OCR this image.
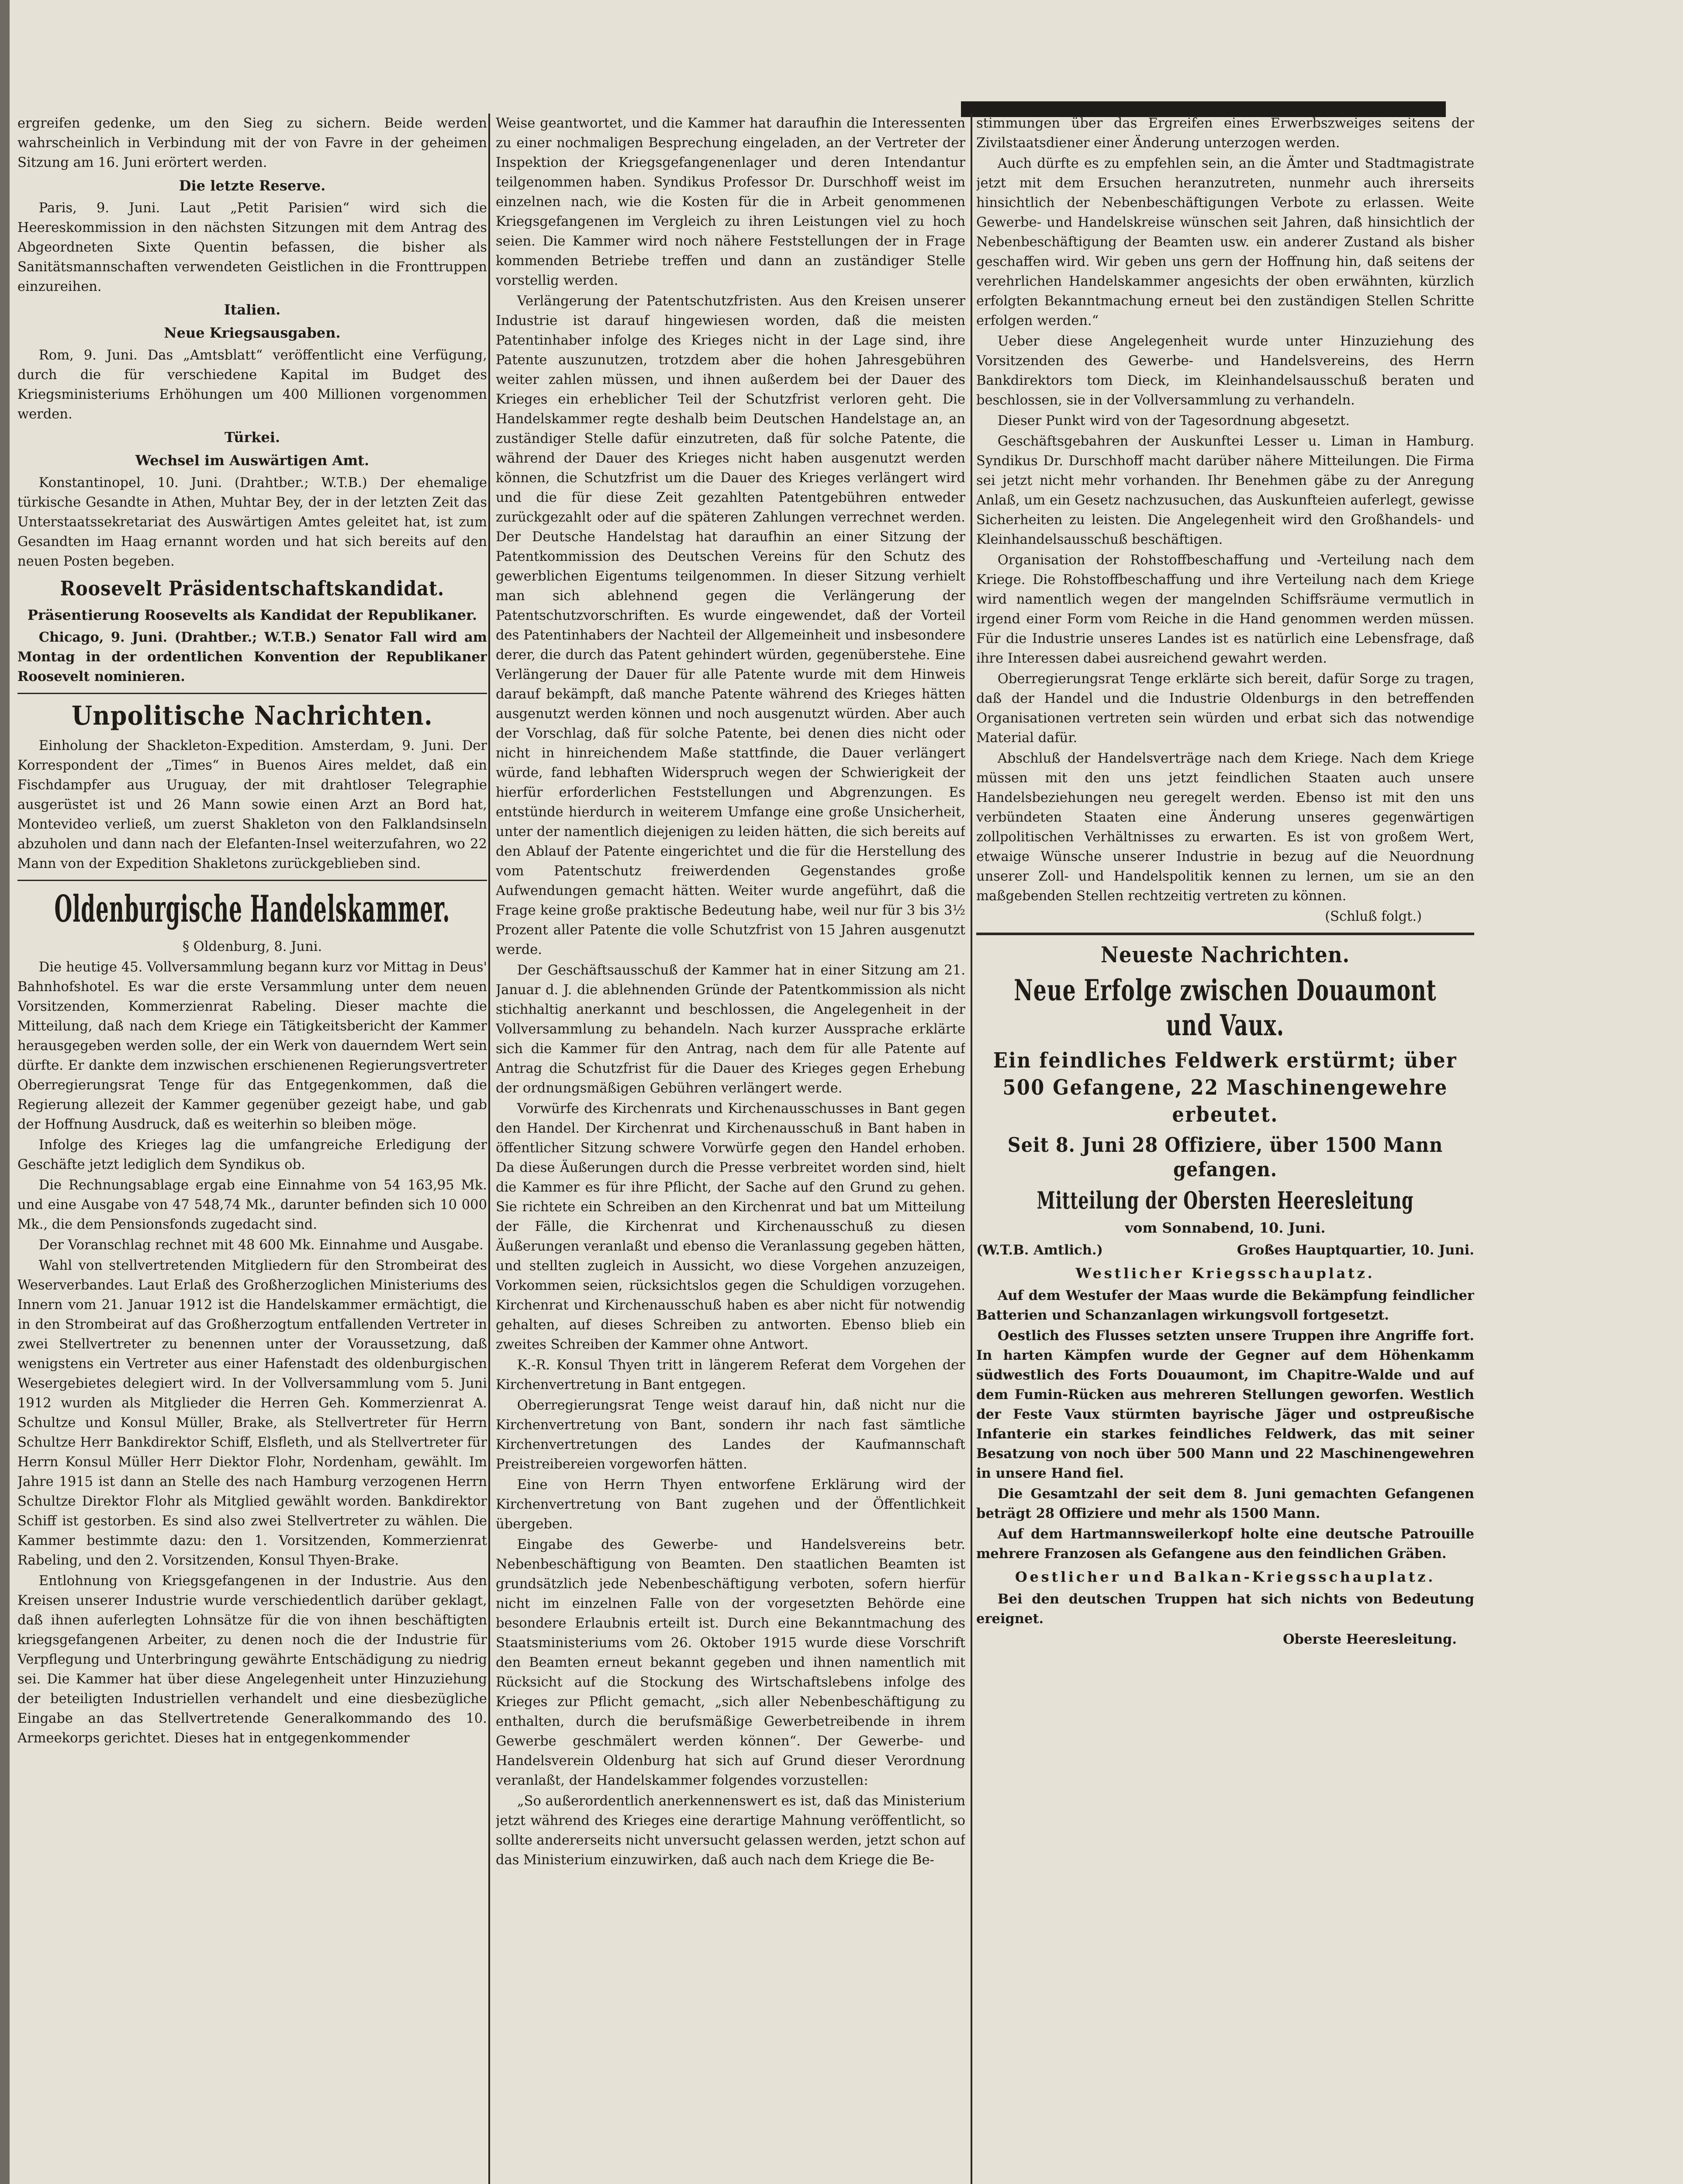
ergreifen gedenke, um den Sieg zu sichern. Beide werden wahrscheinlich in Verbindung mit der von Favre in der geheimen Sitzung am 16. Juni erörtert werden.

Die letzte Reserve.

Paris, 9. Juni. Laut „Petit Parisien“ wird sich die Heereskommission in den nächsten Sitzungen mit dem Antrag des Abgeordneten Sixte Quentin befassen, die bisher als Sanitätsmannschaften verwendeten Geistlichen in die Fronttruppen einzureihen.

Italien.
Neue Kriegsausgaben.

Rom, 9. Juni. Das „Amtsblatt“ veröffentlicht eine Verfügung, durch die für verschiedene Kapital im Budget des Kriegsministeriums Erhöhungen um 400 Millionen vorgenommen werden.

Türkei.
Wechsel im Auswärtigen Amt.

Konstantinopel, 10. Juni. (Drahtber.; W.T.B.) Der ehemalige türkische Gesandte in Athen, Muhtar Bey, der in der letzten Zeit das Unterstaatssekretariat des Auswärtigen Amtes geleitet hat, ist zum Gesandten im Haag ernannt worden und hat sich bereits auf den neuen Posten begeben.

Roosevelt Präsidentschaftskandidat.
Präsentierung Roosevelts als Kandidat der Republikaner.

Chicago, 9. Juni. (Drahtber.; W.T.B.) Senator Fall wird am Montag in der ordentlichen Konvention der Republikaner Roosevelt nominieren.

Unpolitische Nachrichten.

Einholung der Shackleton-Expedition. Amsterdam, 9. Juni. Der Korrespondent der „Times“ in Buenos Aires meldet, daß ein Fischdampfer aus Uruguay, der mit drahtloser Telegraphie ausgerüstet ist und 26 Mann sowie einen Arzt an Bord hat, Montevideo verließ, um zuerst Shakleton von den Falklandsinseln abzuholen und dann nach der Elefanten-Insel weiterzufahren, wo 22 Mann von der Expedition Shakletons zurückgeblieben sind.

Oldenburgische Handelskammer.

§ Oldenburg, 8. Juni.

Die heutige 45. Vollversammlung begann kurz vor Mittag in Deus' Bahnhofshotel. Es war die erste Versammlung unter dem neuen Vorsitzenden, Kommerzienrat Rabeling. Dieser machte die Mitteilung, daß nach dem Kriege ein Tätigkeitsbericht der Kammer herausgegeben werden solle, der ein Werk von dauerndem Wert sein dürfte. Er dankte dem inzwischen erschienenen Regierungsvertreter Oberregierungsrat Tenge für das Entgegenkommen, daß die Regierung allezeit der Kammer gegenüber gezeigt habe, und gab der Hoffnung Ausdruck, daß es weiterhin so bleiben möge.

Infolge des Krieges lag die umfangreiche Erledigung der Geschäfte jetzt lediglich dem Syndikus ob.

Die Rechnungsablage ergab eine Einnahme von 54 163,95 Mk. und eine Ausgabe von 47 548,74 Mk., darunter befinden sich 10 000 Mk., die dem Pensionsfonds zugedacht sind.

Der Voranschlag rechnet mit 48 600 Mk. Einnahme und Ausgabe.

Wahl von stellvertretenden Mitgliedern für den Strombeirat des Weserverbandes. Laut Erlaß des Großherzoglichen Ministeriums des Innern vom 21. Januar 1912 ist die Handelskammer ermächtigt, die in den Strombeirat auf das Großherzogtum entfallenden Vertreter in zwei Stellvertreter zu benennen unter der Voraussetzung, daß wenigstens ein Vertreter aus einer Hafenstadt des oldenburgischen Wesergebietes delegiert wird. In der Vollversammlung vom 5. Juni 1912 wurden als Mitglieder die Herren Geh. Kommerzienrat A. Schultze und Konsul Müller, Brake, als Stellvertreter für Herrn Schultze Herr Bankdirektor Schiff, Elsfleth, und als Stellvertreter für Herrn Konsul Müller Herr Diektor Flohr, Nordenham, gewählt. Im Jahre 1915 ist dann an Stelle des nach Hamburg verzogenen Herrn Schultze Direktor Flohr als Mitglied gewählt worden. Bankdirektor Schiff ist gestorben. Es sind also zwei Stellvertreter zu wählen. Die Kammer bestimmte dazu: den 1. Vorsitzenden, Kommerzienrat Rabeling, und den 2. Vorsitzenden, Konsul Thyen-Brake.

Entlohnung von Kriegsgefangenen in der Industrie. Aus den Kreisen unserer Industrie wurde verschiedentlich darüber geklagt, daß ihnen auferlegten Lohnsätze für die von ihnen beschäftigten kriegsgefangenen Arbeiter, zu denen noch die der Industrie für Verpflegung und Unterbringung gewährte Entschädigung zu niedrig sei. Die Kammer hat über diese Angelegenheit unter Hinzuziehung der beteiligten Industriellen verhandelt und eine diesbezügliche Eingabe an das Stellvertretende Generalkommando des 10. Armeekorps gerichtet. Dieses hat in entgegenkommender

Weise geantwortet, und die Kammer hat daraufhin die Interessenten zu einer nochmaligen Besprechung eingeladen, an der Vertreter der Inspektion der Kriegsgefangenenlager und deren Intendantur teilgenommen haben. Syndikus Professor Dr. Durschhoff weist im einzelnen nach, wie die Kosten für die in Arbeit genommenen Kriegsgefangenen im Vergleich zu ihren Leistungen viel zu hoch seien. Die Kammer wird noch nähere Feststellungen der in Frage kommenden Betriebe treffen und dann an zuständiger Stelle vorstellig werden.

Verlängerung der Patentschutzfristen. Aus den Kreisen unserer Industrie ist darauf hingewiesen worden, daß die meisten Patentinhaber infolge des Krieges nicht in der Lage sind, ihre Patente auszunutzen, trotzdem aber die hohen Jahresgebühren weiter zahlen müssen, und ihnen außerdem bei der Dauer des Krieges ein erheblicher Teil der Schutzfrist verloren geht. Die Handelskammer regte deshalb beim Deutschen Handelstage an, an zuständiger Stelle dafür einzutreten, daß für solche Patente, die während der Dauer des Krieges nicht haben ausgenutzt werden können, die Schutzfrist um die Dauer des Krieges verlängert wird und die für diese Zeit gezahlten Patentgebühren entweder zurückgezahlt oder auf die späteren Zahlungen verrechnet werden. Der Deutsche Handelstag hat daraufhin an einer Sitzung der Patentkommission des Deutschen Vereins für den Schutz des gewerblichen Eigentums teilgenommen. In dieser Sitzung verhielt man sich ablehnend gegen die Verlängerung der Patentschutzvorschriften. Es wurde eingewendet, daß der Vorteil des Patentinhabers der Nachteil der Allgemeinheit und insbesondere derer, die durch das Patent gehindert würden, gegenüberstehe. Eine Verlängerung der Dauer für alle Patente wurde mit dem Hinweis darauf bekämpft, daß manche Patente während des Krieges hätten ausgenutzt werden können und noch ausgenutzt würden. Aber auch der Vorschlag, daß für solche Patente, bei denen dies nicht oder nicht in hinreichendem Maße stattfinde, die Dauer verlängert würde, fand lebhaften Widerspruch wegen der Schwierigkeit der hierfür erforderlichen Feststellungen und Abgrenzungen. Es entstünde hierdurch in weiterem Umfange eine große Unsicherheit, unter der namentlich diejenigen zu leiden hätten, die sich bereits auf den Ablauf der Patente eingerichtet und die für die Herstellung des vom Patentschutz freiwerdenden Gegenstandes große Aufwendungen gemacht hätten. Weiter wurde angeführt, daß die Frage keine große praktische Bedeutung habe, weil nur für 3 bis 3½ Prozent aller Patente die volle Schutzfrist von 15 Jahren ausgenutzt werde.

Der Geschäftsausschuß der Kammer hat in einer Sitzung am 21. Januar d. J. die ablehnenden Gründe der Patentkommission als nicht stichhaltig anerkannt und beschlossen, die Angelegenheit in der Vollversammlung zu behandeln. Nach kurzer Aussprache erklärte sich die Kammer für den Antrag, nach dem für alle Patente auf Antrag die Schutzfrist für die Dauer des Krieges gegen Erhebung der ordnungsmäßigen Gebühren verlängert werde.

Vorwürfe des Kirchenrats und Kirchenausschusses in Bant gegen den Handel. Der Kirchenrat und Kirchenausschuß in Bant haben in öffentlicher Sitzung schwere Vorwürfe gegen den Handel erhoben. Da diese Äußerungen durch die Presse verbreitet worden sind, hielt die Kammer es für ihre Pflicht, der Sache auf den Grund zu gehen. Sie richtete ein Schreiben an den Kirchenrat und bat um Mitteilung der Fälle, die Kirchenrat und Kirchenausschuß zu diesen Äußerungen veranlaßt und ebenso die Veranlassung gegeben hätten, und stellten zugleich in Aussicht, wo diese Vorgehen anzuzeigen, Vorkommen seien, rücksichtslos gegen die Schuldigen vorzugehen. Kirchenrat und Kirchenausschuß haben es aber nicht für notwendig gehalten, auf dieses Schreiben zu antworten. Ebenso blieb ein zweites Schreiben der Kammer ohne Antwort.

K.-R. Konsul Thyen tritt in längerem Referat dem Vorgehen der Kirchenvertretung in Bant entgegen.

Oberregierungsrat Tenge weist darauf hin, daß nicht nur die Kirchenvertretung von Bant, sondern ihr nach fast sämtliche Kirchenvertretungen des Landes der Kaufmannschaft Preistreibereien vorgeworfen hätten.

Eine von Herrn Thyen entworfene Erklärung wird der Kirchenvertretung von Bant zugehen und der Öffentlichkeit übergeben.

Eingabe des Gewerbe- und Handelsvereins betr. Nebenbeschäftigung von Beamten. Den staatlichen Beamten ist grundsätzlich jede Nebenbeschäftigung verboten, sofern hierfür nicht im einzelnen Falle von der vorgesetzten Behörde eine besondere Erlaubnis erteilt ist. Durch eine Bekanntmachung des Staatsministeriums vom 26. Oktober 1915 wurde diese Vorschrift den Beamten erneut bekannt gegeben und ihnen namentlich mit Rücksicht auf die Stockung des Wirtschaftslebens infolge des Krieges zur Pflicht gemacht, „sich aller Nebenbeschäftigung zu enthalten, durch die berufsmäßige Gewerbetreibende in ihrem Gewerbe geschmälert werden können“. Der Gewerbe- und Handelsverein Oldenburg hat sich auf Grund dieser Verordnung veranlaßt, der Handelskammer folgendes vorzustellen:

„So außerordentlich anerkennenswert es ist, daß das Ministerium jetzt während des Krieges eine derartige Mahnung veröffentlicht, so sollte andererseits nicht unversucht gelassen werden, jetzt schon auf das Ministerium einzuwirken, daß auch nach dem Kriege die Be-

stimmungen über das Ergreifen eines Erwerbszweiges seitens der Zivilstaatsdiener einer Änderung unterzogen werden.

Auch dürfte es zu empfehlen sein, an die Ämter und Stadtmagistrate jetzt mit dem Ersuchen heranzutreten, nunmehr auch ihrerseits hinsichtlich der Nebenbeschäftigungen Verbote zu erlassen. Weite Gewerbe- und Handelskreise wünschen seit Jahren, daß hinsichtlich der Nebenbeschäftigung der Beamten usw. ein anderer Zustand als bisher geschaffen wird. Wir geben uns gern der Hoffnung hin, daß seitens der verehrlichen Handelskammer angesichts der oben erwähnten, kürzlich erfolgten Bekanntmachung erneut bei den zuständigen Stellen Schritte erfolgen werden.“

Ueber diese Angelegenheit wurde unter Hinzuziehung des Vorsitzenden des Gewerbe- und Handelsvereins, des Herrn Bankdirektors tom Dieck, im Kleinhandelsausschuß beraten und beschlossen, sie in der Vollversammlung zu verhandeln.

Dieser Punkt wird von der Tagesordnung abgesetzt.

Geschäftsgebahren der Auskunftei Lesser u. Liman in Hamburg. Syndikus Dr. Durschhoff macht darüber nähere Mitteilungen. Die Firma sei jetzt nicht mehr vorhanden. Ihr Benehmen gäbe zu der Anregung Anlaß, um ein Gesetz nachzusuchen, das Auskunfteien auferlegt, gewisse Sicherheiten zu leisten. Die Angelegenheit wird den Großhandels- und Kleinhandelsausschuß beschäftigen.

Organisation der Rohstoffbeschaffung und -Verteilung nach dem Kriege. Die Rohstoffbeschaffung und ihre Verteilung nach dem Kriege wird namentlich wegen der mangelnden Schiffsräume vermutlich in irgend einer Form vom Reiche in die Hand genommen werden müssen. Für die Industrie unseres Landes ist es natürlich eine Lebensfrage, daß ihre Interessen dabei ausreichend gewahrt werden.

Oberregierungsrat Tenge erklärte sich bereit, dafür Sorge zu tragen, daß der Handel und die Industrie Oldenburgs in den betreffenden Organisationen vertreten sein würden und erbat sich das notwendige Material dafür.

Abschluß der Handelsverträge nach dem Kriege. Nach dem Kriege müssen mit den uns jetzt feindlichen Staaten auch unsere Handelsbeziehungen neu geregelt werden. Ebenso ist mit den uns verbündeten Staaten eine Änderung unseres gegenwärtigen zollpolitischen Verhältnisses zu erwarten. Es ist von großem Wert, etwaige Wünsche unserer Industrie in bezug auf die Neuordnung unserer Zoll- und Handelspolitik kennen zu lernen, um sie an den maßgebenden Stellen rechtzeitig vertreten zu können.

(Schluß folgt.)

Neueste Nachrichten.
Neue Erfolge zwischen Douaumont und Vaux.
Ein feindliches Feldwerk erstürmt; über 500 Gefangene, 22 Maschinengewehre erbeutet.
Seit 8. Juni 28 Offiziere, über 1500 Mann gefangen.
Mitteilung der Obersten Heeresleitung
vom Sonnabend, 10. Juni.
(W.T.B. Amtlich.)	Großes Hauptquartier, 10. Juni.
Westlicher Kriegsschauplatz.

Auf dem Westufer der Maas wurde die Bekämpfung feindlicher Batterien und Schanzanlagen wirkungsvoll fortgesetzt.

Oestlich des Flusses setzten unsere Truppen ihre Angriffe fort. In harten Kämpfen wurde der Gegner auf dem Höhenkamm südwestlich des Forts Douaumont, im Chapitre-Walde und auf dem Fumin-Rücken aus mehreren Stellungen geworfen. Westlich der Feste Vaux stürmten bayrische Jäger und ostpreußische Infanterie ein starkes feindliches Feldwerk, das mit seiner Besatzung von noch über 500 Mann und 22 Maschinengewehren in unsere Hand fiel.

Die Gesamtzahl der seit dem 8. Juni gemachten Gefangenen beträgt 28 Offiziere und mehr als 1500 Mann.

Auf dem Hartmannsweilerkopf holte eine deutsche Patrouille mehrere Franzosen als Gefangene aus den feindlichen Gräben.

Oestlicher und Balkan-Kriegsschauplatz.

Bei den deutschen Truppen hat sich nichts von Bedeutung ereignet.

Oberste Heeresleitung.
